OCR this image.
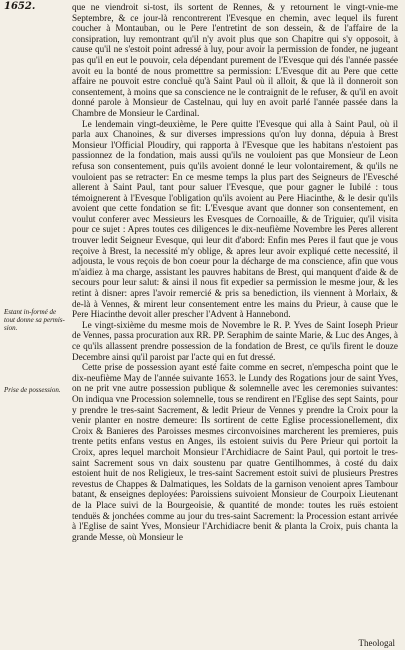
1652.	que ne viendroit si-tost, ils sortent de Rennes, & y retournent le vingt-vnie-me Septembre, & ce jour-là rencontrerent l'Evesque en chemin, avec lequel ils furent coucher à Montauban, ou le Pere l'entretint de son dessein, & de l'affaire de la consipration, luy remontrant qu'il n'y avoit plus que son Chapitre qui s'y opposoit, à cause qu'il ne s'estoit point adressé à luy, pour avoir la permission de fonder, ne jugeant pas qu'il en eut le pouvoir, cela dépendant purement de l'Evesque qui dés l'année passée avoit eu la bonté de nous prometttre sa permission: L'Evesque dit au Pere que cette affaire ne pouvoit estre concluë qu'à Saint Paul où il alloit, & que là il donneroit son consentement, à moins que sa conscience ne le contraignit de le refuser, & qu'il en avoit donné parole à Monsieur de Castelnau, qui luy en avoit parlé l'année passée dans la Chambre de Monsieur le Cardinal.

Le lendemain vingt-deuxième, le Pere quitte l'Evesque qui alla à Saint Paul, où il parla aux Chanoines, & sur diverses impressions qu'on luy donna, dépuia à Brest Monsieur l'Official Ploudiry, qui rapporta à l'Evesque que les habitans n'estoient pas passionnez de la fondation, mais aussi qu'ils ne vouloient pas que Monsieur de Leon refusa son consentement, puis qu'ils avoient donné le leur volontairement, & qu'ils ne vouloient pas se retracter: En ce mesme temps la plus part des Seigneurs de l'Evesché allerent à Saint Paul, tant pour saluer l'Evesque, que pour gagner le Iubilé : tous témoignerent à l'Evesque l'obligation qu'ils avoient au Pere Hiacinthe, & le desir qu'ils avoient que cette fondation se fit: L'Evesque avant que donner son consentement, en voulut conferer avec Messieurs les Evesques de Cornoaille, & de Triguier, qu'il visita pour ce sujet : Apres toutes ces diligences le dix-neufième Novembre les Peres allerent trouver ledit Seigneur Evesque, qui leur dit d'abord: Enfin mes Peres il faut que je vous reçoive à Brest, la necessité m'y oblige, & apres leur avoir expliqué cette necessité, il adjousta, le vous reçois de bon coeur pour la décharge de ma conscience, afin que vous m'aidiez à ma charge, assistant les pauvres habitans de Brest, qui manquent d'aide & de secours pour leur salut: & ainsi il nous fit expedier sa permission le mesme jour, & les retint à disner: apres l'avoir remercié & pris sa benediction, ils viennent à Morlaix, & de-là à Vennes, & mirent leur consentement entre les mains du Prieur, à cause que le Pere Hiacinthe devoit aller prescher l'Advent à Hannebond.

Le vingt-sixième du mesme mois de Novembre le R. P. Yves de Saint Ioseph Prieur de Vennes, passa procuration aux RR. PP. Seraphim de sainte Marie, & Luc des Anges, à ce qu'ils allassent prendre possession de la fondation de Brest, ce qu'ils firent le douze Decembre ainsi qu'il paroist par l'acte qui en fut dressé.

Cette prise de possession ayant esté faite comme en secret, n'empescha point que le dix-neufième May de l'année suivante 1653. le Lundy des Rogations jour de saint Yves, on ne prit vne autre possession publique & solemnelle avec les ceremonies suivantes: On indiqua vne Procession solemnelle, tous se rendirent en l'Eglise des sept Saints, pour y prendre le tres-saint Sacrement, & ledit Prieur de Vennes y prendre la Croix pour la venir planter en nostre demeure: Ils sortirent de cette Eglise processionellement, dix Croix & Banieres des Paroisses mesmes circonvoisines marcherent les premieres, puis trente petits enfans vestus en Anges, ils estoient suivis du Pere Prieur qui portoit la Croix, apres lequel marchoit Monsieur l'Archidiacre de Saint Paul, qui portoit le tres-saint Sacrement sous vn daix soustenu par quatre Gentilhommes, à costé du daix estoient huit de nos Religieux, le tres-saint Sacrement estoit suivi de plusieurs Prestres revestus de Chappes & Dalmatiques, les Soldats de la garnison venoient apres Tambour batant, & enseignes deployées: Paroissiens suivoient Monsieur de Courpoix Lieutenant de la Place suivi de la Bourgeoisie, & quantité de monde: toutes les ruës estoient tenduës & jonchées comme au jour du tres-saint Sacrement: la Procession estant arrivée à l'Eglise de saint Yves, Monsieur l'Archidiacre benit & planta la Croix, puis chanta la grande Messe, où Monsieur le

Estant in-formé de tout donne sa permis-sion.
Prise de possession.
Theologal
